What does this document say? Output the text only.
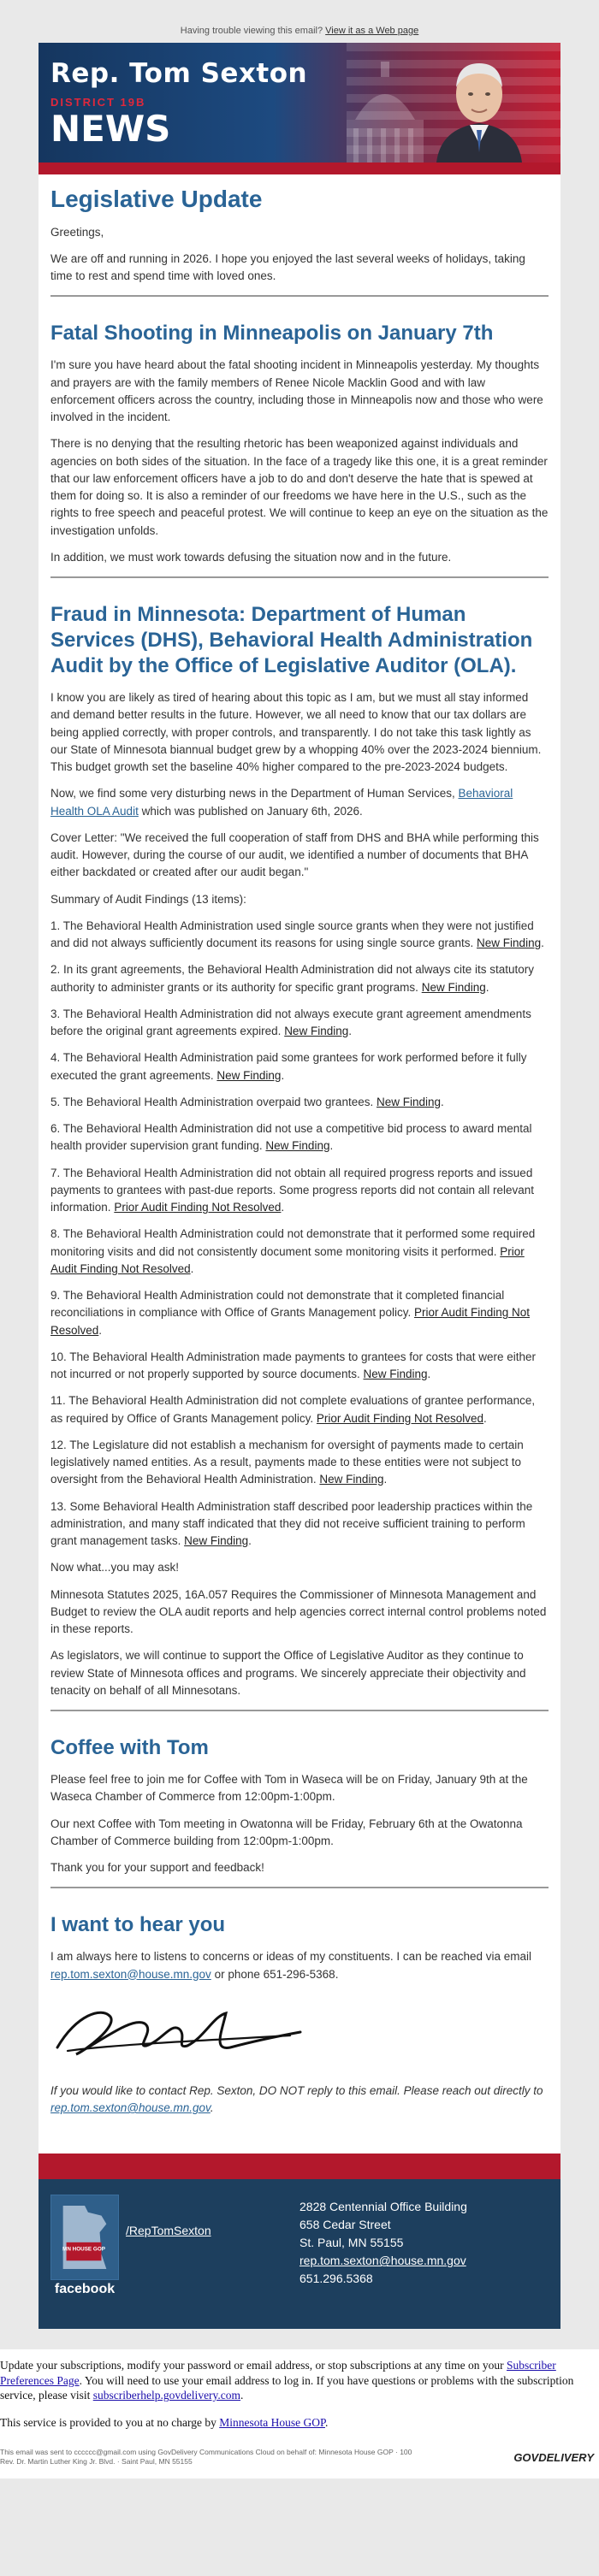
Having trouble viewing this email? View it as a Web page
Rep. Tom Sexton
DISTRICT 19B
NEWS
Legislative Update

Greetings,

We are off and running in 2026. I hope you enjoyed the last several weeks of holidays, taking time to rest and spend time with loved ones.

Fatal Shooting in Minneapolis on January 7th

I'm sure you have heard about the fatal shooting incident in Minneapolis yesterday. My thoughts and prayers are with the family members of Renee Nicole Macklin Good and with law enforcement officers across the country, including those in Minneapolis now and those who were involved in the incident.

There is no denying that the resulting rhetoric has been weaponized against individuals and agencies on both sides of the situation. In the face of a tragedy like this one, it is a great reminder that our law enforcement officers have a job to do and don't deserve the hate that is spewed at them for doing so. It is also a reminder of our freedoms we have here in the U.S., such as the rights to free speech and peaceful protest. We will continue to keep an eye on the situation as the investigation unfolds.

In addition, we must work towards defusing the situation now and in the future.

Fraud in Minnesota: Department of Human Services (DHS), Behavioral Health Administration Audit by the Office of Legislative Auditor (OLA).

I know you are likely as tired of hearing about this topic as I am, but we must all stay informed and demand better results in the future. However, we all need to know that our tax dollars are being applied correctly, with proper controls, and transparently. I do not take this task lightly as our State of Minnesota biannual budget grew by a whopping 40% over the 2023-2024 biennium. This budget growth set the baseline 40% higher compared to the pre-2023-2024 budgets.

Now, we find some very disturbing news in the Department of Human Services, Behavioral Health OLA Audit which was published on January 6th, 2026.

Cover Letter: "We received the full cooperation of staff from DHS and BHA while performing this audit. However, during the course of our audit, we identified a number of documents that BHA either backdated or created after our audit began."

Summary of Audit Findings (13 items):

1. The Behavioral Health Administration used single source grants when they were not justified and did not always sufficiently document its reasons for using single source grants. New Finding.

2. In its grant agreements, the Behavioral Health Administration did not always cite its statutory authority to administer grants or its authority for specific grant programs. New Finding.

3. The Behavioral Health Administration did not always execute grant agreement amendments before the original grant agreements expired. New Finding.

4. The Behavioral Health Administration paid some grantees for work performed before it fully executed the grant agreements. New Finding.

5. The Behavioral Health Administration overpaid two grantees. New Finding.

6. The Behavioral Health Administration did not use a competitive bid process to award mental health provider supervision grant funding. New Finding.

7. The Behavioral Health Administration did not obtain all required progress reports and issued payments to grantees with past-due reports. Some progress reports did not contain all relevant information. Prior Audit Finding Not Resolved.

8. The Behavioral Health Administration could not demonstrate that it performed some required monitoring visits and did not consistently document some monitoring visits it performed. Prior Audit Finding Not Resolved.

9. The Behavioral Health Administration could not demonstrate that it completed financial reconciliations in compliance with Office of Grants Management policy. Prior Audit Finding Not Resolved.

10. The Behavioral Health Administration made payments to grantees for costs that were either not incurred or not properly supported by source documents. New Finding.

11. The Behavioral Health Administration did not complete evaluations of grantee performance, as required by Office of Grants Management policy. Prior Audit Finding Not Resolved.

12. The Legislature did not establish a mechanism for oversight of payments made to certain legislatively named entities. As a result, payments made to these entities were not subject to oversight from the Behavioral Health Administration. New Finding.

13. Some Behavioral Health Administration staff described poor leadership practices within the administration, and many staff indicated that they did not receive sufficient training to perform grant management tasks. New Finding.

Now what...you may ask!

Minnesota Statutes 2025, 16A.057 Requires the Commissioner of Minnesota Management and Budget to review the OLA audit reports and help agencies correct internal control problems noted in these reports.

As legislators, we will continue to support the Office of Legislative Auditor as they continue to review State of Minnesota offices and programs. We sincerely appreciate their objectivity and tenacity on behalf of all Minnesotans.

Coffee with Tom

Please feel free to join me for Coffee with Tom in Waseca will be on Friday, January 9th at the Waseca Chamber of Commerce from 12:00pm-1:00pm.

Our next Coffee with Tom meeting in Owatonna will be Friday, February 6th at the Owatonna Chamber of Commerce building from 12:00pm-1:00pm.

Thank you for your support and feedback!

I want to hear you

I am always here to listens to concerns or ideas of my constituents. I can be reached via email rep.tom.sexton@house.mn.gov or phone 651-296-5368.

If you would like to contact Rep. Sexton, DO NOT reply to this email. Please reach out directly to rep.tom.sexton@house.mn.gov.

MN HOUSE GOP
facebook
/RepTomSexton
2828 Centennial Office Building
658 Cedar Street
St. Paul, MN 55155
rep.tom.sexton@house.mn.gov
651.296.5368

Update your subscriptions, modify your password or email address, or stop subscriptions at any time on your Subscriber Preferences Page. You will need to use your email address to log in. If you have questions or problems with the subscription service, please visit subscriberhelp.govdelivery.com.

This service is provided to you at no charge by Minnesota House GOP.

This email was sent to cccccc@gmail.com using GovDelivery Communications Cloud on behalf of: Minnesota House GOP · 100
Rev. Dr. Martin Luther King Jr. Blvd. · Saint Paul, MN 55155	GOVDELIVERY
